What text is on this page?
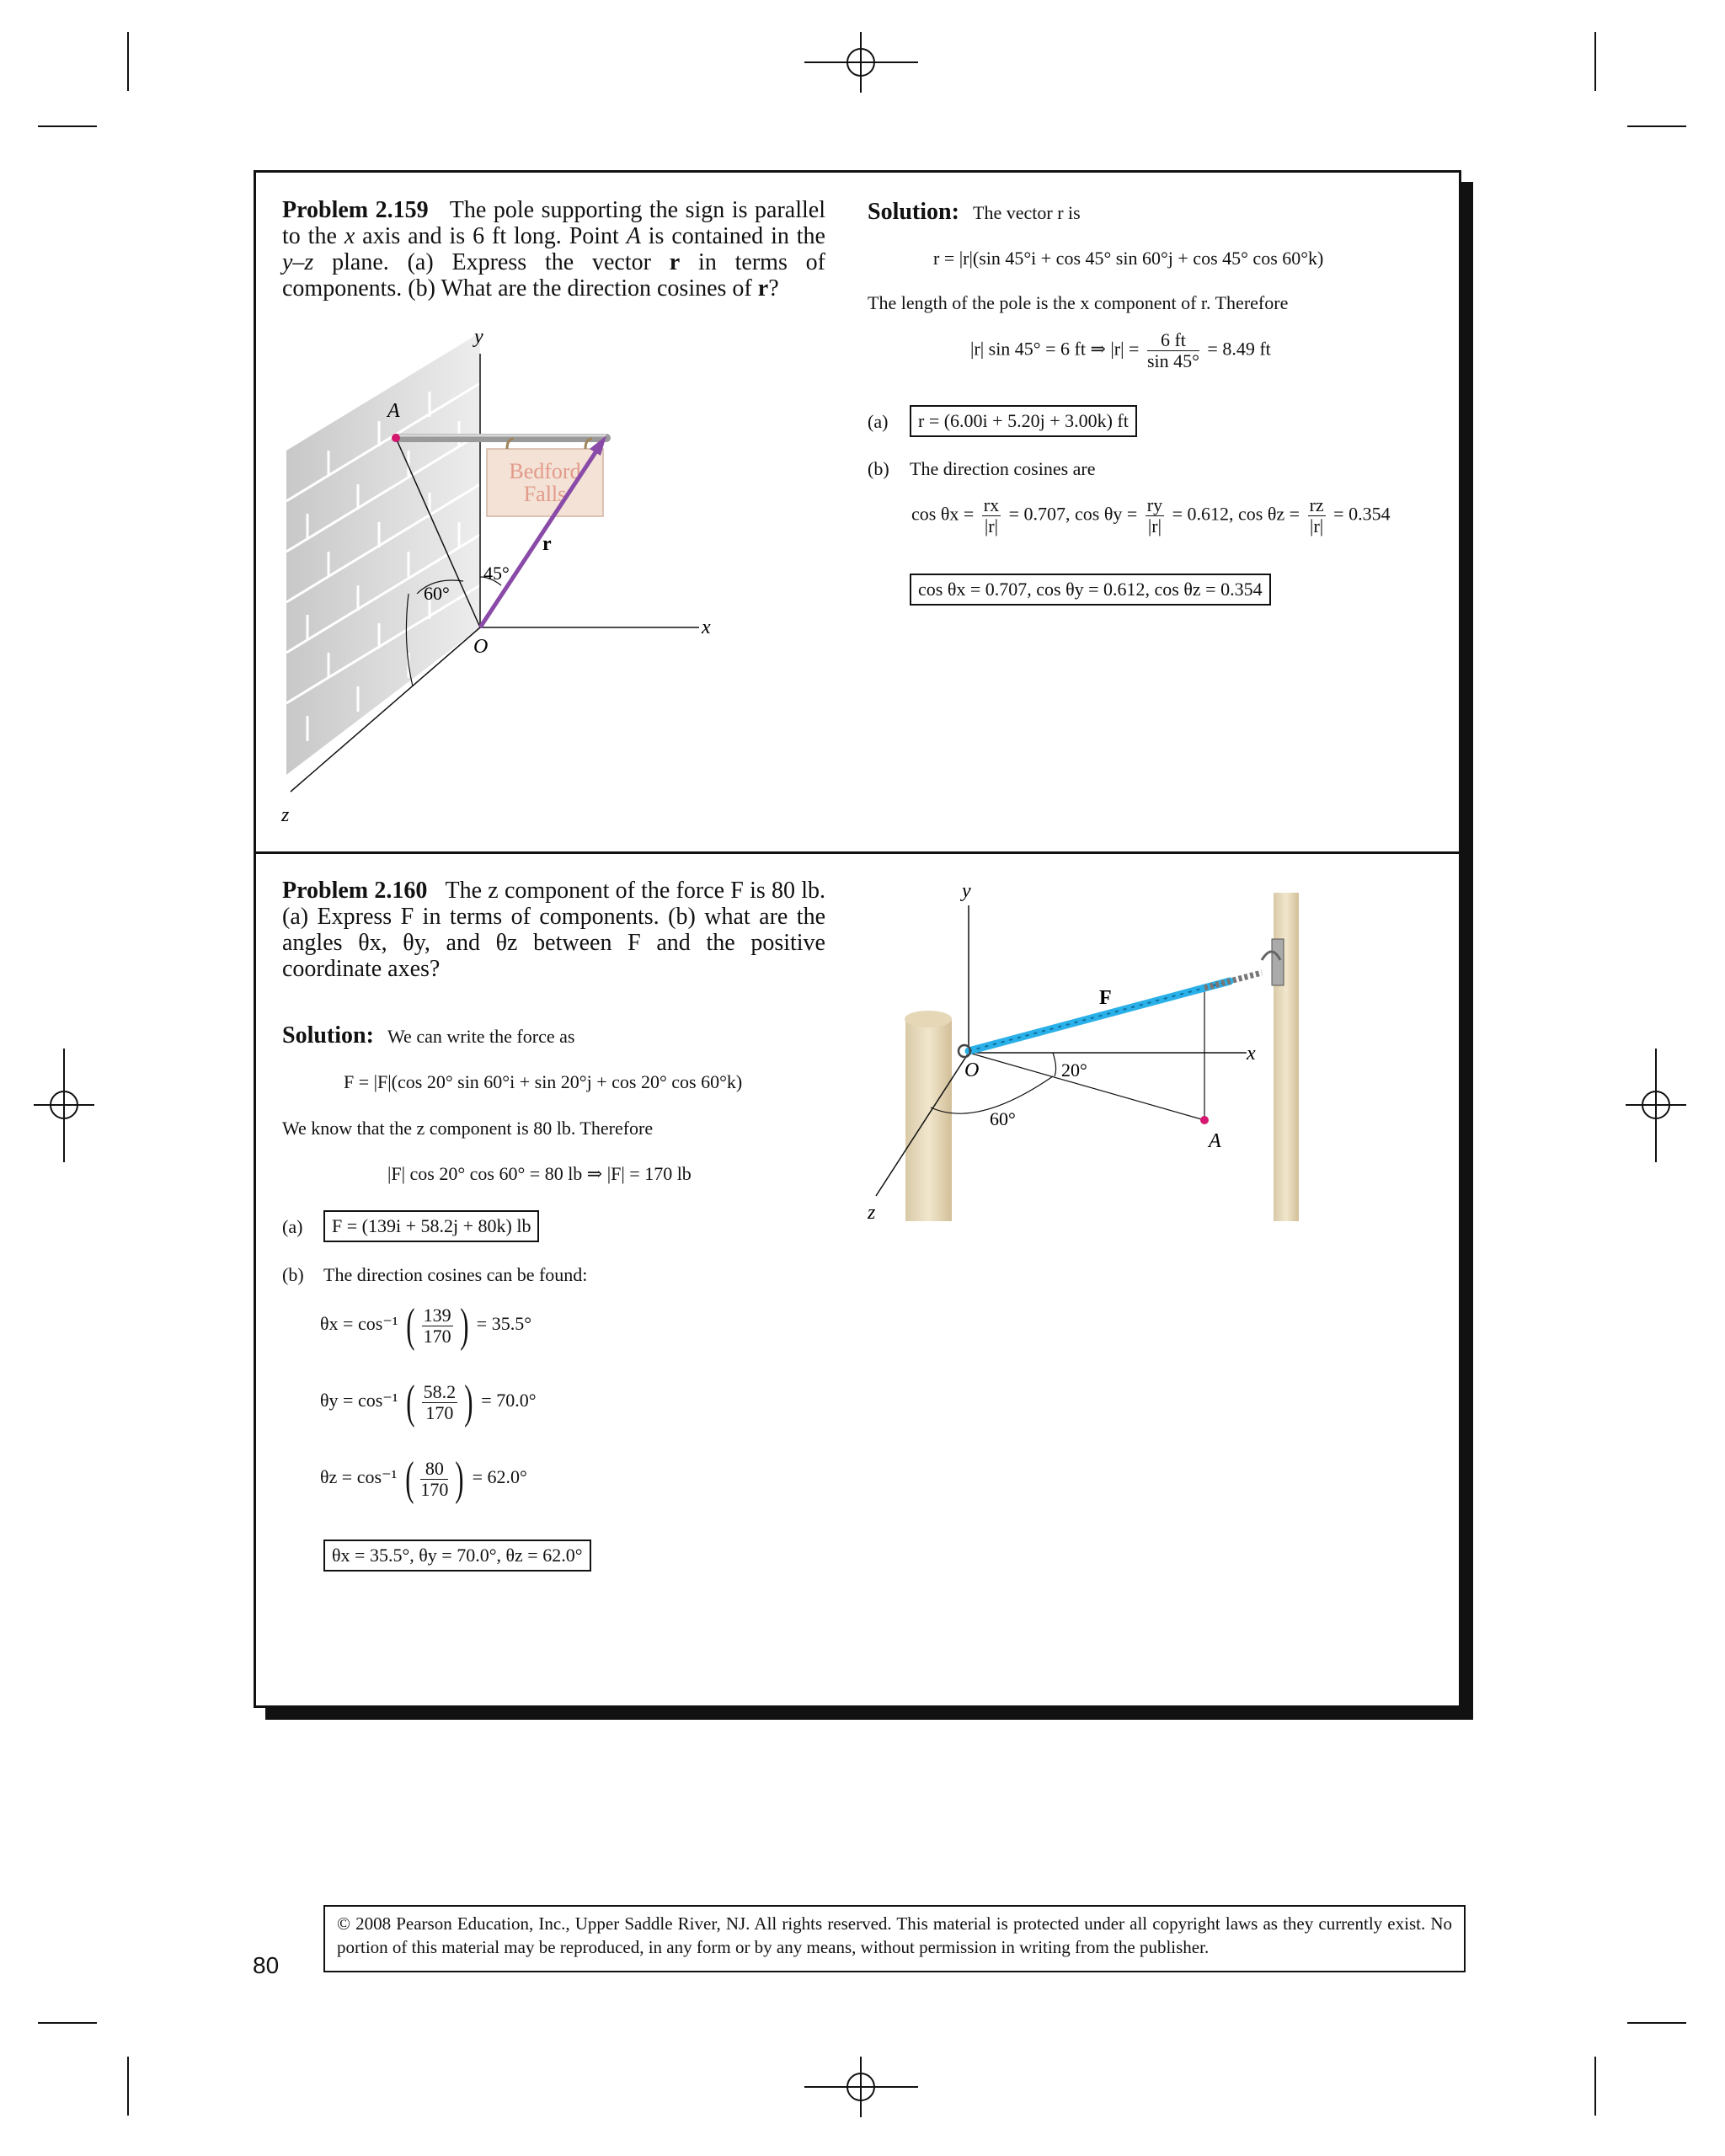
Problem 2.159 The pole supporting the sign is parallel to the x axis and is 6 ft long. Point A is contained in the y–z plane. (a) Express the vector r in terms of components. (b) What are the direction cosines of r?
Bedford
Falls
y
x
z
A
O
r
60°
45°
Solution: The vector r is
r = |r|(sin 45°i + cos 45° sin 60°j + cos 45° cos 60°k)
The length of the pole is the x component of r. Therefore
|r| sin 45° = 6 ft ⇒ $|r| = \frac{6 ft}{\sin 45^\circ} = 8.49$ ft
(a)	r = (6.00i + 5.20j + 3.00k) ft
(b) The direction cosines are
$\cos \theta x = \frac{rx}{|r|} = 0.707$, $\cos \theta y = \frac{ry}{|r|} = 0.612$, $\cos \theta z = \frac{rz}{|r|} = 0.354$
cos θx = 0.707, cos θy = 0.612, cos θz = 0.354
Problem 2.160 The z component of the force F is 80 lb. (a) Express F in terms of components. (b) what are the angles θx, θy, and θz between F and the positive coordinate axes?
Solution: We can write the force as
F = |F|(cos 20° sin 60°i + sin 20°j + cos 20° cos 60°k)
We know that the z component is 80 lb. Therefore
|F| cos 20° cos 60° = 80 lb ⇒ |F| = 170 lb
(a)	F = (139i + 58.2j + 80k) lb
(b) The direction cosines can be found:
θx = cos⁻¹ ( $\frac{139}{170}$ ) = 35.5°
θy = cos⁻¹ ( $\frac{58.2}{170}$ ) = 70.0°
θz = cos⁻¹ ( $\frac{80}{170}$ ) = 62.0°
θx = 35.5°, θy = 70.0°, θz = 62.0°
y
x
z
O
A
F
20°
60°
© 2008 Pearson Education, Inc., Upper Saddle River, NJ. All rights reserved. This material is protected under all copyright laws as they currently exist. No portion of this material may be reproduced, in any form or by any means, without permission in writing from the publisher.
80
